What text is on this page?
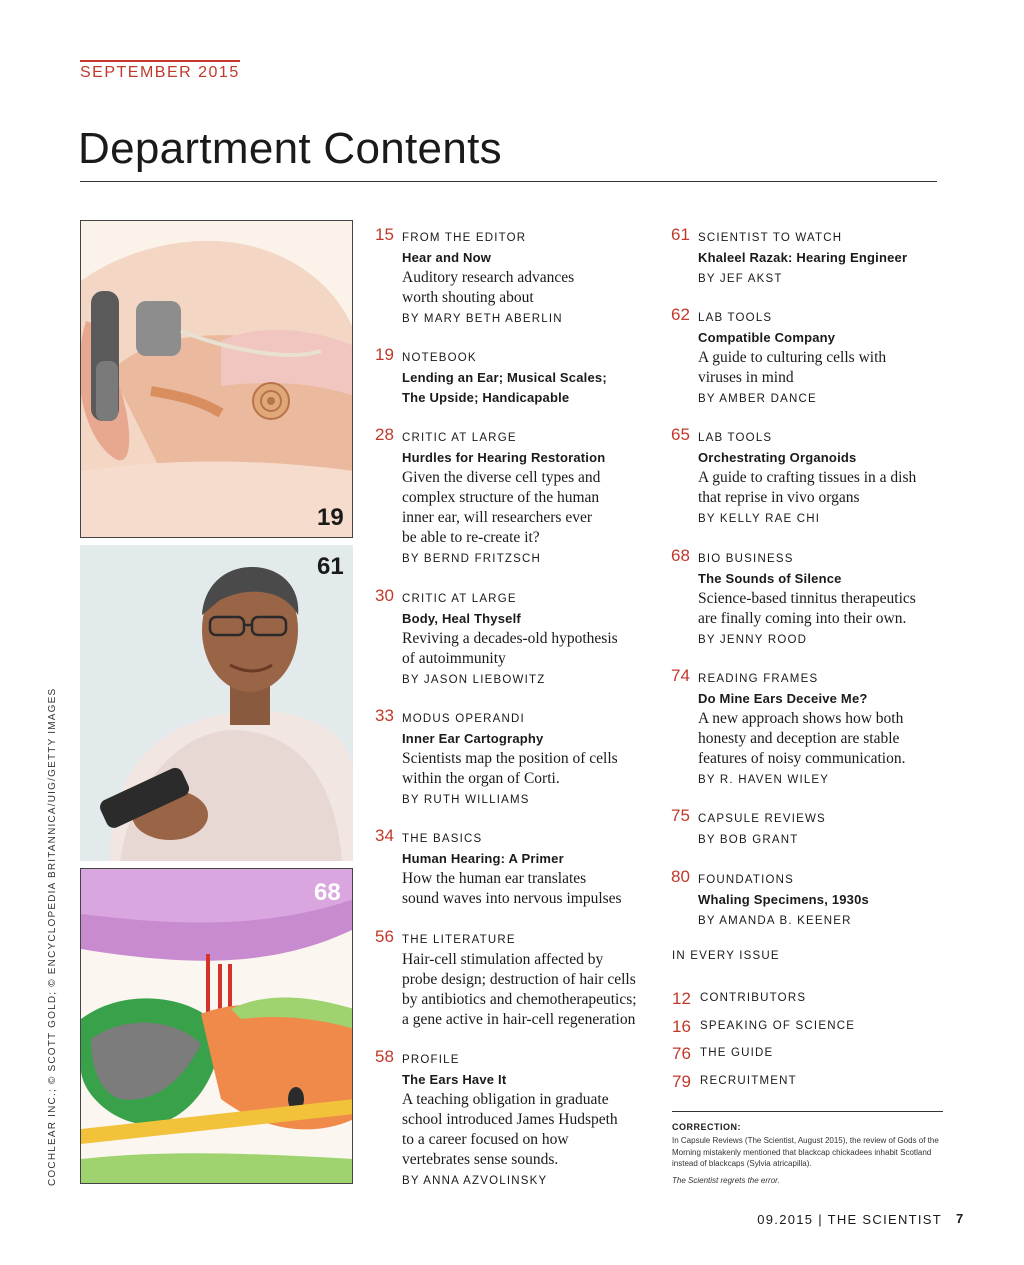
SEPTEMBER 2015
Department Contents
COCHLEAR INC.; © SCOTT GOLD; © ENCYCLOPEDIA BRITANNICA/UIG/GETTY IMAGES
19
61
68
15 FROM THE EDITOR
Hear and Now
Auditory research advances
worth shouting about
BY MARY BETH ABERLIN
19 NOTEBOOK
Lending an Ear; Musical Scales;
The Upside; Handicapable
28 CRITIC AT LARGE
Hurdles for Hearing Restoration
Given the diverse cell types and
complex structure of the human
inner ear, will researchers ever
be able to re-create it?
BY BERND FRITZSCH
30 CRITIC AT LARGE
Body, Heal Thyself
Reviving a decades-old hypothesis
of autoimmunity
BY JASON LIEBOWITZ
33 MODUS OPERANDI
Inner Ear Cartography
Scientists map the position of cells
within the organ of Corti.
BY RUTH WILLIAMS
34 THE BASICS
Human Hearing: A Primer
How the human ear translates
sound waves into nervous impulses
56 THE LITERATURE
Hair-cell stimulation affected by
probe design; destruction of hair cells
by antibiotics and chemotherapeutics;
a gene active in hair-cell regeneration
58 PROFILE
The Ears Have It
A teaching obligation in graduate
school introduced James Hudspeth
to a career focused on how
vertebrates sense sounds.
BY ANNA AZVOLINSKY
61 SCIENTIST TO WATCH
Khaleel Razak: Hearing Engineer
BY JEF AKST
62 LAB TOOLS
Compatible Company
A guide to culturing cells with
viruses in mind
BY AMBER DANCE
65 LAB TOOLS
Orchestrating Organoids
A guide to crafting tissues in a dish
that reprise in vivo organs
BY KELLY RAE CHI
68 BIO BUSINESS
The Sounds of Silence
Science-based tinnitus therapeutics
are finally coming into their own.
BY JENNY ROOD
74 READING FRAMES
Do Mine Ears Deceive Me?
A new approach shows how both
honesty and deception are stable
features of noisy communication.
BY R. HAVEN WILEY
75 CAPSULE REVIEWS
BY BOB GRANT
80 FOUNDATIONS
Whaling Specimens, 1930s
BY AMANDA B. KEENER
IN EVERY ISSUE
12 CONTRIBUTORS
16 SPEAKING OF SCIENCE
76 THE GUIDE
79 RECRUITMENT
CORRECTION:
In Capsule Reviews (The Scientist, August 2015), the review of Gods of the Morning mistakenly mentioned that blackcap chickadees inhabit Scotland instead of blackcaps (Sylvia atricapilla).
The Scientist regrets the error.
09.2015 | THE SCIENTIST 7
